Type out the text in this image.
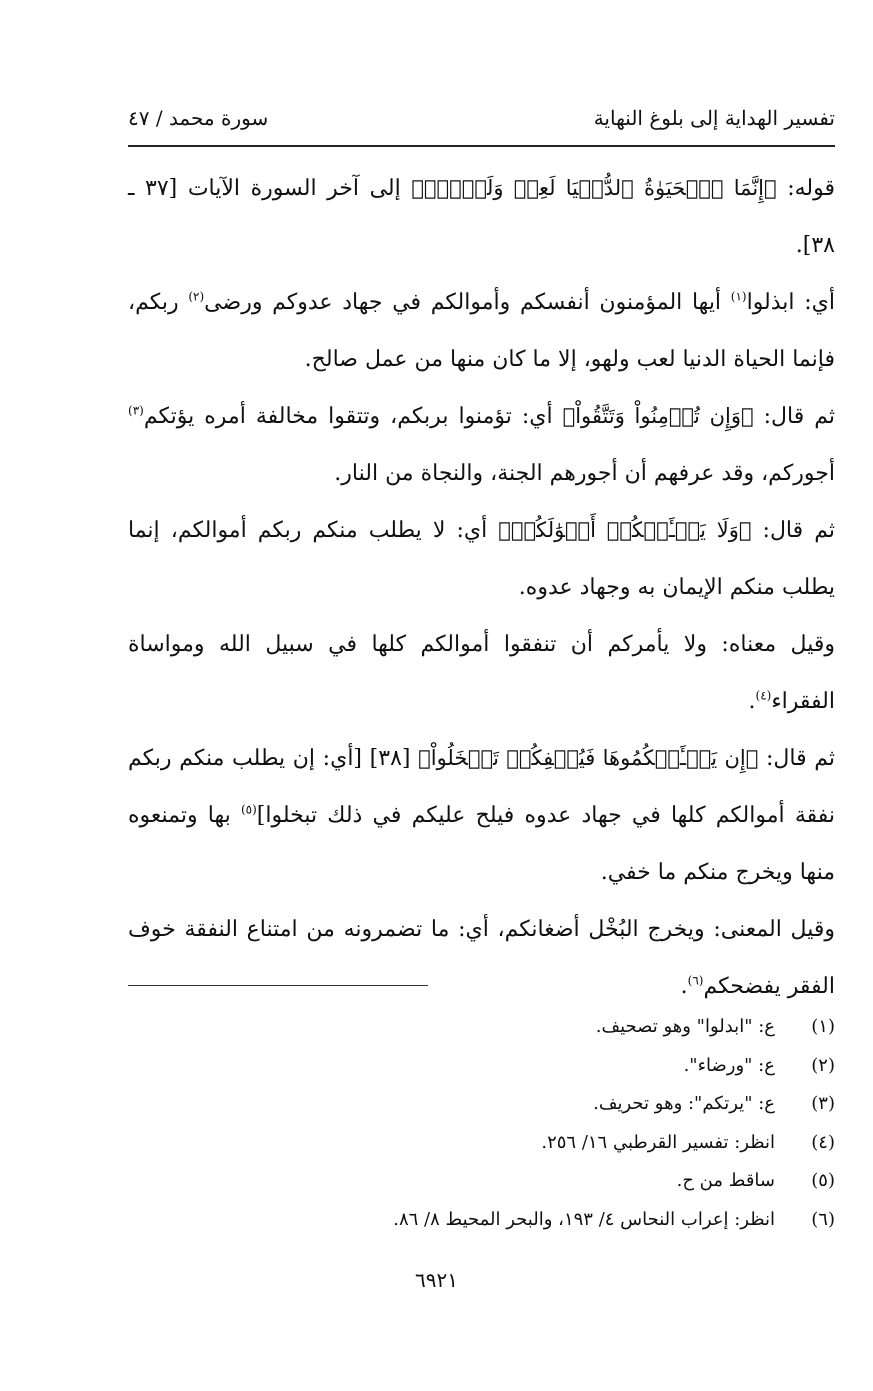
تفسير الهداية إلى بلوغ النهاية
سورة محمد / ٤٧

قوله: ﴿إِنَّمَا ٱلۡحَيَوٰةُ ٱلدُّنۡيَا لَعِبٞ وَلَهۡوٞۚ﴾ إلى آخر السورة الآيات [٣٧ ـ ٣٨].

أي: ابذلوا$^{(١)}$ أيها المؤمنون أنفسكم وأموالكم في جهاد عدوكم ورضى$^{(٢)}$ ربكم، فإنما الحياة الدنيا لعب ولهو، إلا ما كان منها من عمل صالح.

ثم قال: ﴿وَإِن تُؤۡمِنُواْ وَتَتَّقُواْ﴾ أي: تؤمنوا بربكم، وتتقوا مخالفة أمره يؤتكم$^{(٣)}$ أجوركم، وقد عرفهم أن أجورهم الجنة، والنجاة من النار.

ثم قال: ﴿وَلَا يَسۡـَٔلۡكُمۡ أَمۡوَٰلَكُمۡ﴾ أي: لا يطلب منكم ربكم أموالكم، إنما يطلب منكم الإيمان به وجهاد عدوه.

وقيل معناه: ولا يأمركم أن تنفقوا أموالكم كلها في سبيل الله ومواساة الفقراء$^{(٤)}$.

ثم قال: ﴿إِن يَسۡـَٔلۡكُمُوهَا فَيُحۡفِكُمۡ تَبۡخَلُواْ﴾ [٣٨] [أي: إن يطلب منكم ربكم نفقة أموالكم كلها في جهاد عدوه فيلح عليكم في ذلك تبخلوا]$^{(٥)}$ بها وتمنعوه منها ويخرج منكم ما خفي.

وقيل المعنى: ويخرج البُخْل أضغانكم، أي: ما تضمرونه من امتناع النفقة خوف الفقر يفضحكم$^{(٦)}$.

(١)
ع: "ابدلوا" وهو تصحيف.
(٢)
ع: "ورضاء".
(٣)
ع: "يرتكم": وهو تحريف.
(٤)
انظر: تفسير القرطبي ١٦/ ٢٥٦.
(٥)
ساقط من ح.
(٦)
انظر: إعراب النحاس ٤/ ١٩٣، والبحر المحيط ٨/ ٨٦.
٦٩٢١
